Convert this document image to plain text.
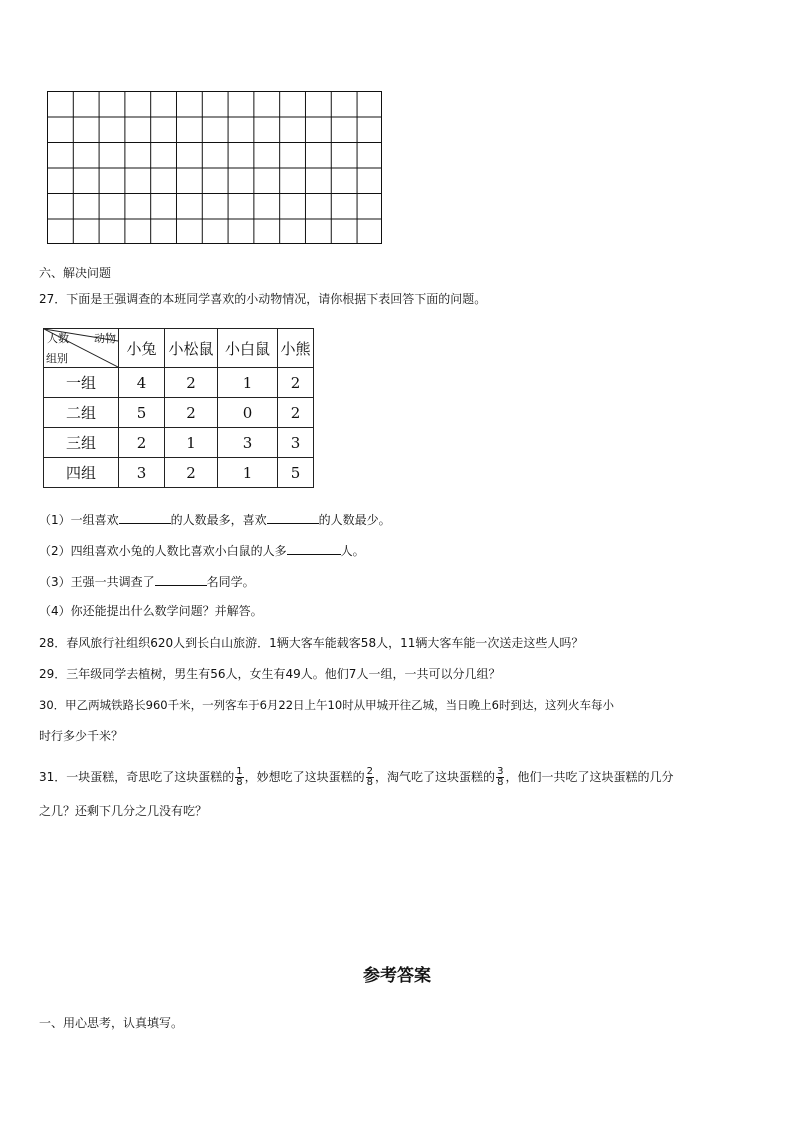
六、解决问题
27．下面是王强调查的本班同学喜欢的小动物情况，请你根据下表回答下面的问题。
人数 动物
组别	小兔	小松鼠	小白鼠	小熊
一组	4	2	1	2
二组	5	2	0	2
三组	2	1	3	3
四组	3	2	1	5
（1）一组喜欢	的人数最多，喜欢	的人数最少。
（2）四组喜欢小兔的人数比喜欢小白鼠的人多	人。
（3）王强一共调查了	名同学。
（4）你还能提出什么数学问题？并解答。
28．春风旅行社组织620人到长白山旅游．1辆大客车能载客58人，11辆大客车能一次送走这些人吗？
29．三年级同学去植树，男生有56人，女生有49人。他们7人一组，一共可以分几组？
30．甲乙两城铁路长960千米，一列客车于6月22日上午10时从甲城开往乙城，当日晚上6时到达，这列火车每小
时行多少千米？
31．一块蛋糕，奇思吃了这块蛋糕的 $\frac{1}{8}$ ，妙想吃了这块蛋糕的 $\frac{2}{8}$ ，淘气吃了这块蛋糕的 $\frac{3}{8}$ ，他们一共吃了这块蛋糕的几分
之几？还剩下几分之几没有吃？
参考答案
一、用心思考，认真填写。
